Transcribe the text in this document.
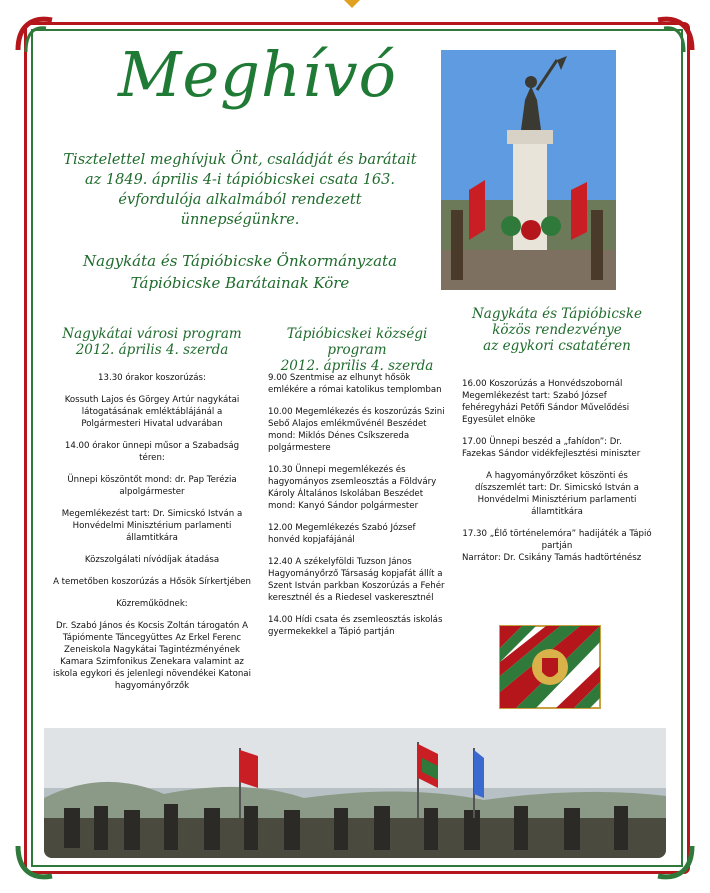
Meghívó
Tisztelettel meghívjuk Önt, családját és barátait az 1849. április 4-i tápióbicskei csata 163. évfordulója alkalmából rendezett ünnepségünkre.
Nagykáta és Tápióbicske Önkormányzata
Tápióbicske Barátainak Köre
Nagykátai városi program
2012. április 4. szerda

13.30 órakor koszorúzás:

Kossuth Lajos és Görgey Artúr nagykátai látogatásának emléktáblájánál a Polgármesteri Hivatal udvarában

14.00 órakor ünnepi műsor a Szabadság téren:

Ünnepi köszöntőt mond: dr. Pap Terézia alpolgármester

Megemlékezést tart: Dr. Simicskó István a Honvédelmi Minisztérium parlamenti államtitkára

Közszolgálati nívódíjak átadása

A temetőben koszorúzás a Hősök Sírkertjében

Közreműködnek:

Dr. Szabó János és Kocsis Zoltán tárogatón A Tápiómente Táncegyüttes Az Erkel Ferenc Zeneiskola Nagykátai Tagintézményének Kamara Szimfonikus Zenekara valamint az iskola egykori és jelenlegi növendékei Katonai hagyományőrzők

Tápióbicskei községi program
2012. április 4. szerda

9.00 Szentmise az elhunyt hősök emlékére a római katolikus templomban

10.00 Megemlékezés és koszorúzás Szini Sebő Alajos emlékművénél Beszédet mond: Miklós Dénes Csíkszereda polgármestere

10.30 Ünnepi megemlékezés és hagyományos zsemleosztás a Földváry Károly Általános Iskolában Beszédet mond: Kanyó Sándor polgármester

12.00 Megemlékezés Szabó József honvéd kopjafájánál

12.40 A székelyföldi Tuzson János Hagyományőrző Társaság kopjafát állít a Szent István parkban Koszorúzás a Fehér keresztnél és a Riedesel vaskeresztnél

14.00 Hídi csata és zsemleosztás iskolás gyermekekkel a Tápió partján

Nagykáta és Tápióbicske
közös rendezvénye
az egykori csatatéren

16.00 Koszorúzás a Honvédszobornál Megemlékezést tart: Szabó József fehéregyházi Petőfi Sándor Művelődési Egyesület elnöke

17.00 Ünnepi beszéd a „fahídon”: Dr. Fazekas Sándor vidékfejlesztési miniszter

A hagyományőrzőket köszönti és díszszemlét tart: Dr. Simicskó István a Honvédelmi Minisztérium parlamenti államtitkára

17.30 „Élő történelemóra” hadijáték a Tápió partján

Narrátor: Dr. Csikány Tamás hadtörténész
